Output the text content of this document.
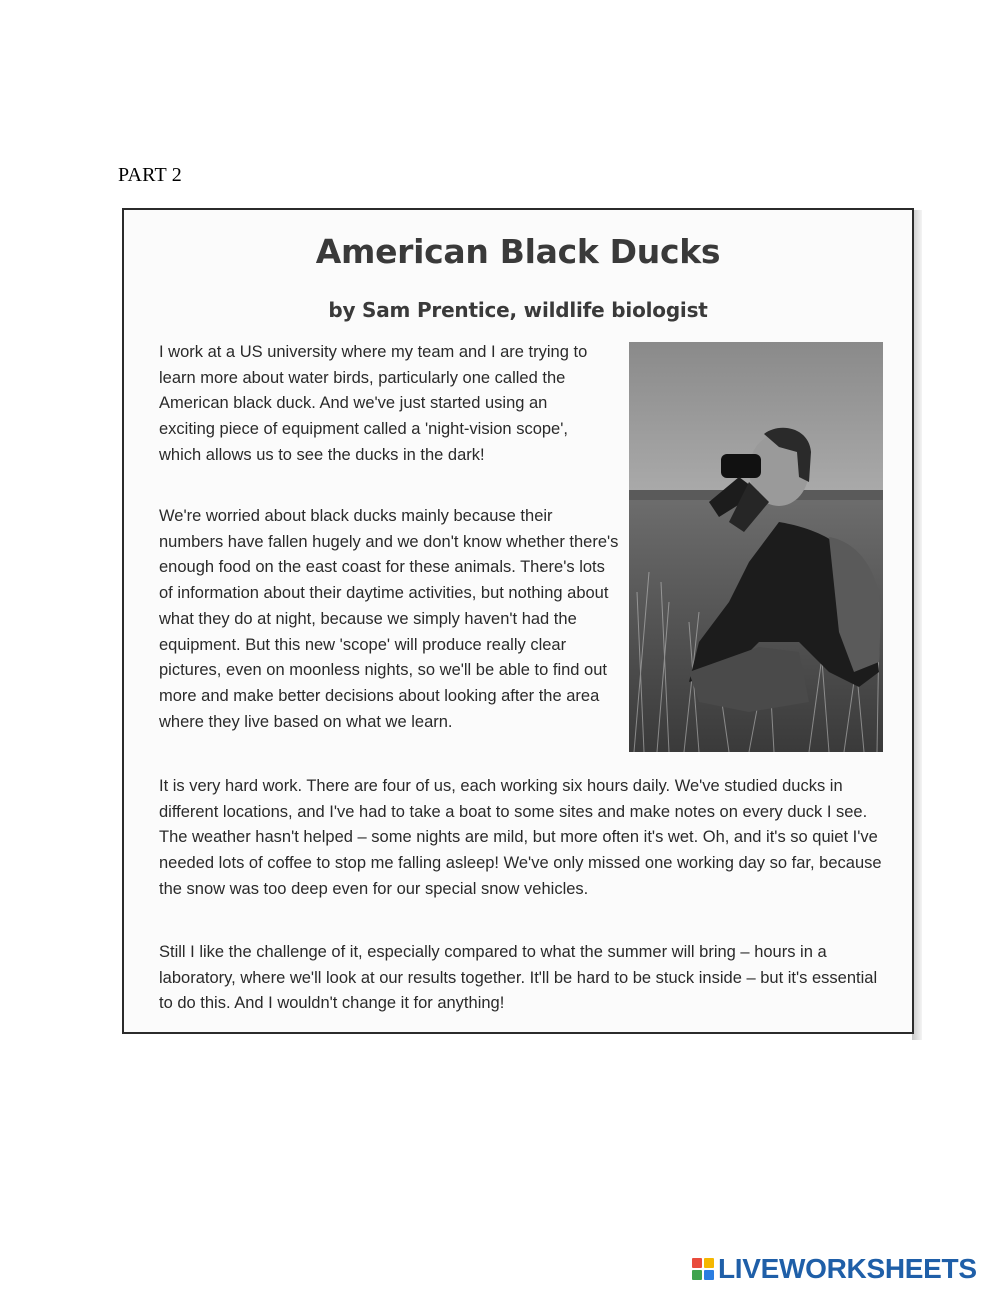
PART 2
American Black Ducks
by Sam Prentice, wildlife biologist

I work at a US university where my team and I are trying to learn more about water birds, particularly one called the American black duck. And we've just started using an exciting piece of equipment called a 'night-vision scope', which allows us to see the ducks in the dark!

We're worried about black ducks mainly because their numbers have fallen hugely and we don't know whether there's enough food on the east coast for these animals. There's lots of information about their daytime activities, but nothing about what they do at night, because we simply haven't had the equipment. But this new 'scope' will produce really clear pictures, even on moonless nights, so we'll be able to find out more and make better decisions about looking after the area where they live based on what we learn.

It is very hard work. There are four of us, each working six hours daily. We've studied ducks in different locations, and I've had to take a boat to some sites and make notes on every duck I see. The weather hasn't helped – some nights are mild, but more often it's wet. Oh, and it's so quiet I've needed lots of coffee to stop me falling asleep! We've only missed one working day so far, because the snow was too deep even for our special snow vehicles.

Still I like the challenge of it, especially compared to what the summer will bring – hours in a laboratory, where we'll look at our results together. It'll be hard to be stuck inside – but it's essential to do this. And I wouldn't change it for anything!

LIVEWORKSHEETS
